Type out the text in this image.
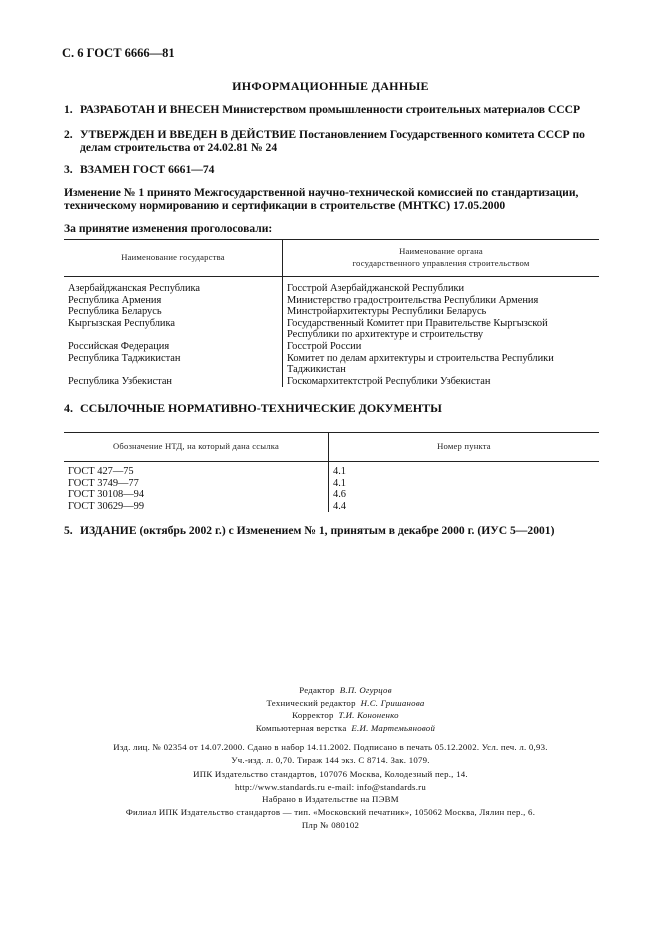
С. 6 ГОСТ 6666—81
ИНФОРМАЦИОННЫЕ ДАННЫЕ
1. РАЗРАБОТАН И ВНЕСЕН Министерством промышленности строительных материалов СССР
2. УТВЕРЖДЕН И ВВЕДЕН В ДЕЙСТВИЕ Постановлением Государственного комитета СССР по
делам строительства от 24.02.81 № 24
3. ВЗАМЕН ГОСТ 6661—74
Изменение № 1 принято Межгосударственной научно-технической комиссией по стандартизации,
техническому нормированию и сертификации в строительстве (МНТКС) 17.05.2000
За принятие изменения проголосовали:
Наименование государства	Наименование органа
государственного управления строительством

Азербайджанская Республика	Госстрой Азербайджанской Республики
Республика Армения	Министерство градостроительства Республики Армения
Республика Беларусь	Минстройархитектуры Республики Беларусь
Кыргызская Республика	Государственный Комитет при Правительстве Кыргызской Республики по архитектуре и строительству
Российская Федерация	Госстрой России
Республика Таджикистан	Комитет по делам архитектуры и строительства Республики Таджикистан
Республика Узбекистан	Госкомархитектстрой Республики Узбекистан
4. ССЫЛОЧНЫЕ НОРМАТИВНО-ТЕХНИЧЕСКИЕ ДОКУМЕНТЫ
Обозначение НТД, на который дана ссылка	Номер пункта
ГОСТ 427—75	4.1
ГОСТ 3749—77	4.1
ГОСТ 30108—94	4.6
ГОСТ 30629—99	4.4
5. ИЗДАНИЕ (октябрь 2002 г.) с Изменением № 1, принятым в декабре 2000 г. (ИУС 5—2001)
Редактор В.П. Огурцов
Технический редактор Н.С. Гришанова
Корректор Т.И. Кононенко
Компьютерная верстка Е.И. Мартемьяновой
Изд. лиц. № 02354 от 14.07.2000. Сдано в набор 14.11.2002. Подписано в печать 05.12.2002. Усл. печ. л. 0,93.
Уч.-изд. л. 0,70. Тираж 144 экз. С 8714. Зак. 1079.
ИПК Издательство стандартов, 107076 Москва, Колодезный пер., 14.
http://www.standards.ru e-mail: info@standards.ru
Набрано в Издательстве на ПЭВМ
Филиал ИПК Издательство стандартов — тип. «Московский печатник», 105062 Москва, Лялин пер., 6.
Плр № 080102
